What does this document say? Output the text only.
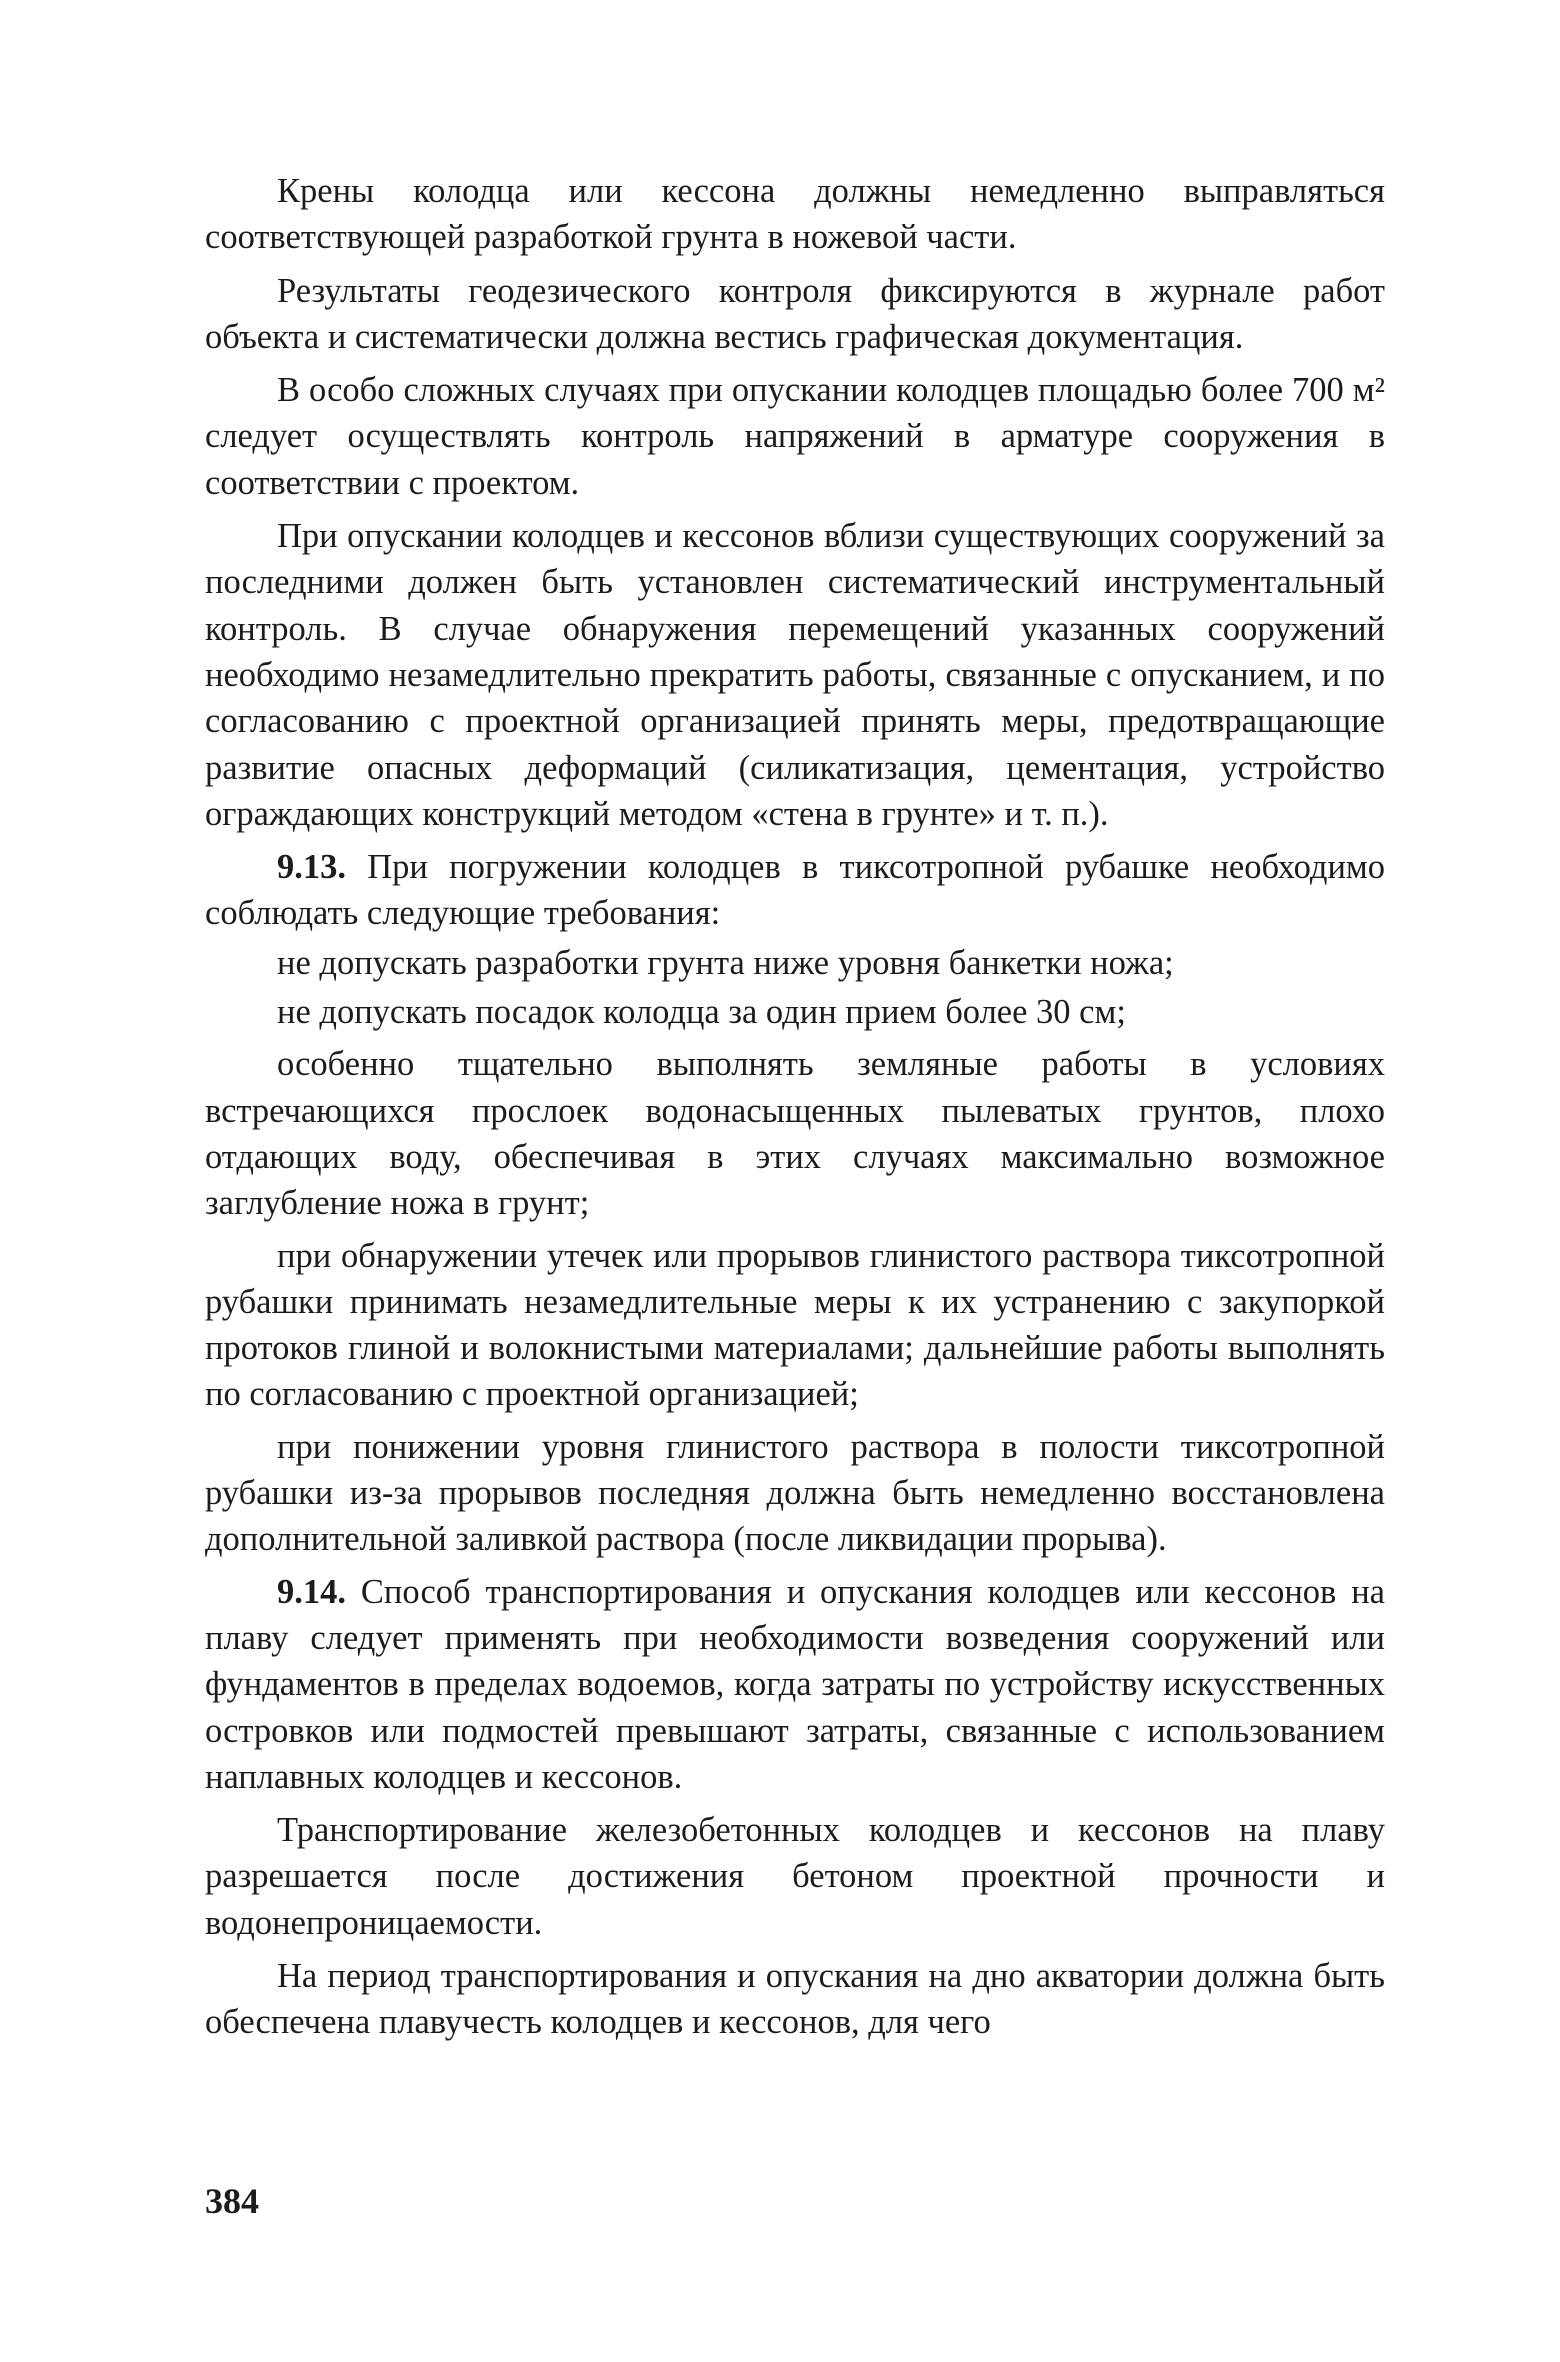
Крены колодца или кессона должны немедленно выправляться соответствующей разработкой грунта в ножевой части.

Результаты геодезического контроля фиксируются в журнале работ объекта и систематически должна вестись графическая документация.

В особо сложных случаях при опускании колодцев площадью более 700 м² следует осуществлять контроль напряжений в арматуре сооружения в соответствии с проектом.

При опускании колодцев и кессонов вблизи существующих сооружений за последними должен быть установлен систематический инструментальный контроль. В случае обнаружения перемещений указанных сооружений необходимо незамедлительно прекратить работы, связанные с опусканием, и по согласованию с проектной организацией принять меры, предотвращающие развитие опасных деформаций (силикатизация, цементация, устройство ограждающих конструкций методом «стена в грунте» и т. п.).

9.13. При погружении колодцев в тиксотропной рубашке необходимо соблюдать следующие требования:

не допускать разработки грунта ниже уровня банкетки ножа;

не допускать посадок колодца за один прием более 30 см;

особенно тщательно выполнять земляные работы в условиях встречающихся прослоек водонасыщенных пылеватых грунтов, плохо отдающих воду, обеспечивая в этих случаях максимально возможное заглубление ножа в грунт;

при обнаружении утечек или прорывов глинистого раствора тиксотропной рубашки принимать незамедлительные меры к их устранению с закупоркой протоков глиной и волокнистыми материалами; дальнейшие работы выполнять по согласованию с проектной организацией;

при понижении уровня глинистого раствора в полости тиксотропной рубашки из-за прорывов последняя должна быть немедленно восстановлена дополнительной заливкой раствора (после ликвидации прорыва).

9.14. Способ транспортирования и опускания колодцев или кессонов на плаву следует применять при необходимости возведения сооружений или фундаментов в пределах водоемов, когда затраты по устройству искусственных островков или подмостей превышают затраты, связанные с использованием наплавных колодцев и кессонов.

Транспортирование железобетонных колодцев и кессонов на плаву разрешается после достижения бетоном проектной прочности и водонепроницаемости.

На период транспортирования и опускания на дно акватории должна быть обеспечена плавучесть колодцев и кессонов, для чего

384
